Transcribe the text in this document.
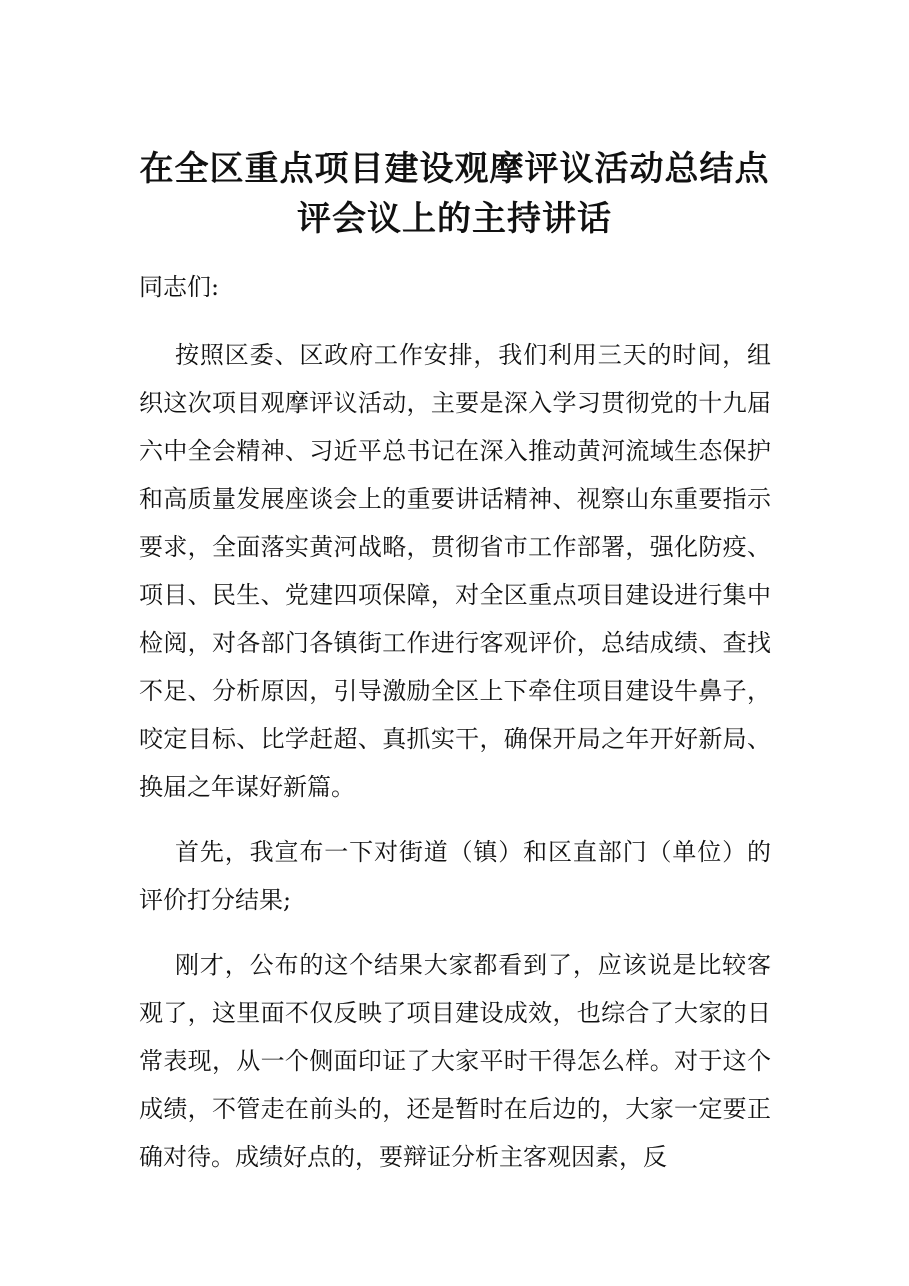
在全区重点项目建设观摩评议活动总结点
评会议上的主持讲话

同志们:

按照区委、区政府工作安排，我们利用三天的时间，组织这次项目观摩评议活动，主要是深入学习贯彻党的十九届六中全会精神、习近平总书记在深入推动黄河流域生态保护和高质量发展座谈会上的重要讲话精神、视察山东重要指示要求，全面落实黄河战略，贯彻省市工作部署，强化防疫、项目、民生、党建四项保障，对全区重点项目建设进行集中检阅，对各部门各镇街工作进行客观评价，总结成绩、查找不足、分析原因，引导激励全区上下牵住项目建设牛鼻子，咬定目标、比学赶超、真抓实干，确保开局之年开好新局、换届之年谋好新篇。

首先，我宣布一下对街道（镇）和区直部门（单位）的评价打分结果;

刚才，公布的这个结果大家都看到了，应该说是比较客观了，这里面不仅反映了项目建设成效，也综合了大家的日常表现，从一个侧面印证了大家平时干得怎么样。对于这个成绩，不管走在前头的，还是暂时在后边的，大家一定要正确对待。成绩好点的，要辩证分析主客观因素，反
